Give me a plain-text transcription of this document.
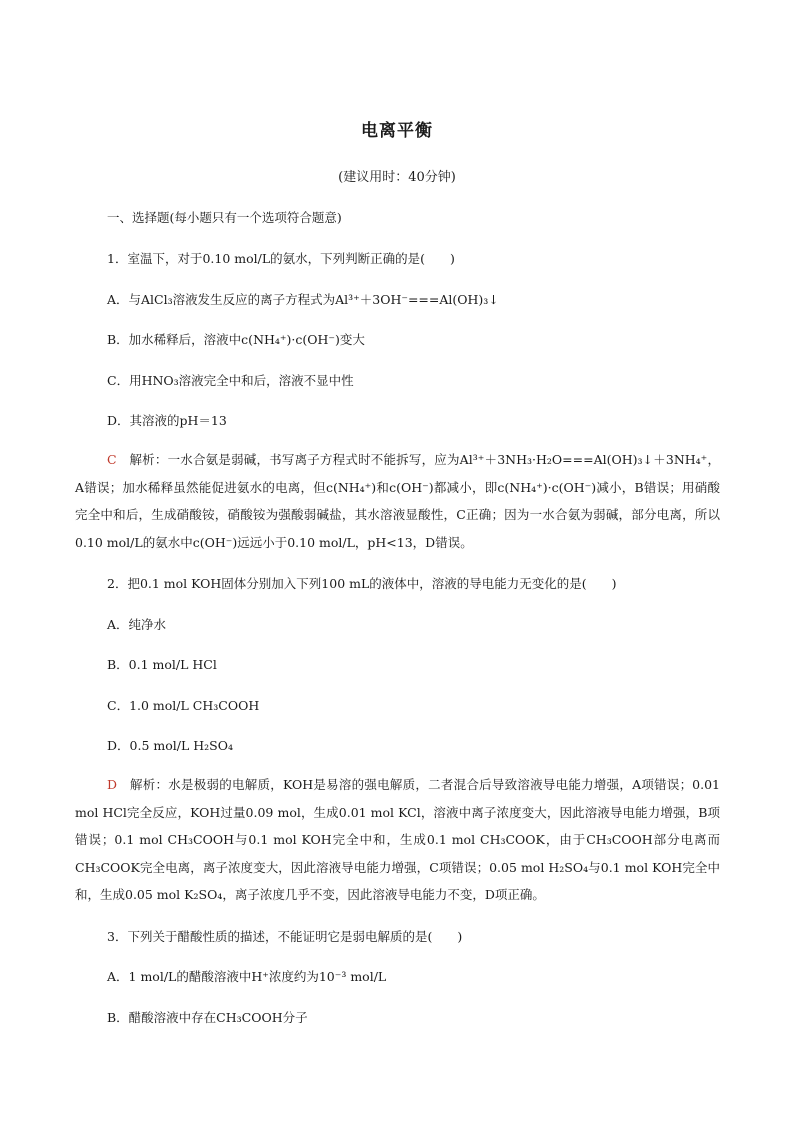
电离平衡
(建议用时：40分钟)
一、选择题(每小题只有一个选项符合题意)
1．室温下，对于0.10 mol/L的氨水，下列判断正确的是(　　)
A．与AlCl₃溶液发生反应的离子方程式为Al³⁺＋3OH⁻===Al(OH)₃↓
B．加水稀释后，溶液中c(NH₄⁺)·c(OH⁻)变大
C．用HNO₃溶液完全中和后，溶液不显中性
D．其溶液的pH＝13

C　 解析：一水合氨是弱碱，书写离子方程式时不能拆写，应为Al³⁺＋3NH₃·H₂O===Al(OH)₃↓＋3NH₄⁺，A错误；加水稀释虽然能促进氨水的电离，但c(NH₄⁺)和c(OH⁻)都减小，即c(NH₄⁺)·c(OH⁻)减小，B错误；用硝酸完全中和后，生成硝酸铵，硝酸铵为强酸弱碱盐，其水溶液显酸性，C正确；因为一水合氨为弱碱，部分电离，所以0.10 mol/L的氨水中c(OH⁻)远远小于0.10 mol/L，pH<13，D错误。

2．把0.1 mol KOH固体分别加入下列100 mL的液体中，溶液的导电能力无变化的是(　　)
A．纯净水
B．0.1 mol/L HCl
C．1.0 mol/L CH₃COOH
D．0.5 mol/L H₂SO₄

D　 解析：水是极弱的电解质，KOH是易溶的强电解质，二者混合后导致溶液导电能力增强，A项错误；0.01 mol HCl完全反应，KOH过量0.09 mol，生成0.01 mol KCl，溶液中离子浓度变大，因此溶液导电能力增强，B项错误；0.1 mol CH₃COOH与0.1 mol KOH完全中和，生成0.1 mol CH₃COOK，由于CH₃COOH部分电离而CH₃COOK完全电离，离子浓度变大，因此溶液导电能力增强，C项错误；0.05 mol H₂SO₄与0.1 mol KOH完全中和，生成0.05 mol K₂SO₄，离子浓度几乎不变，因此溶液导电能力不变，D项正确。

3．下列关于醋酸性质的描述，不能证明它是弱电解质的是(　　)
A．1 mol/L的醋酸溶液中H⁺浓度约为10⁻³ mol/L
B．醋酸溶液中存在CH₃COOH分子
